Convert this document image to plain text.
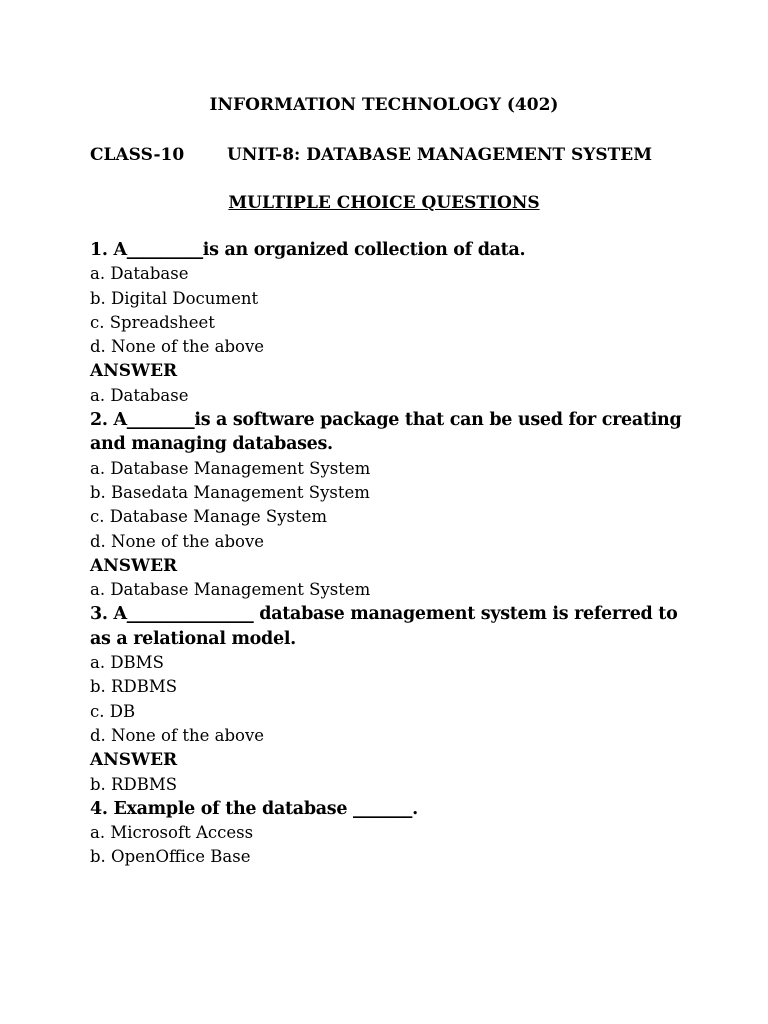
INFORMATION TECHNOLOGY (402)
CLASS-10	UNIT-8: DATABASE MANAGEMENT SYSTEM
MULTIPLE CHOICE QUESTIONS
1. A_________is an organized collection of data.
a. Database
b. Digital Document
c. Spreadsheet
d. None of the above
ANSWER
a. Database
2. A________is a software package that can be used for creating
and managing databases.
a. Database Management System
b. Basedata Management System
c. Database Manage System
d. None of the above
ANSWER
a. Database Management System
3. A_______________ database management system is referred to
as a relational model.
a. DBMS
b. RDBMS
c. DB
d. None of the above
ANSWER
b. RDBMS
4. Example of the database _______.
a. Microsoft Access
b. OpenOffice Base
